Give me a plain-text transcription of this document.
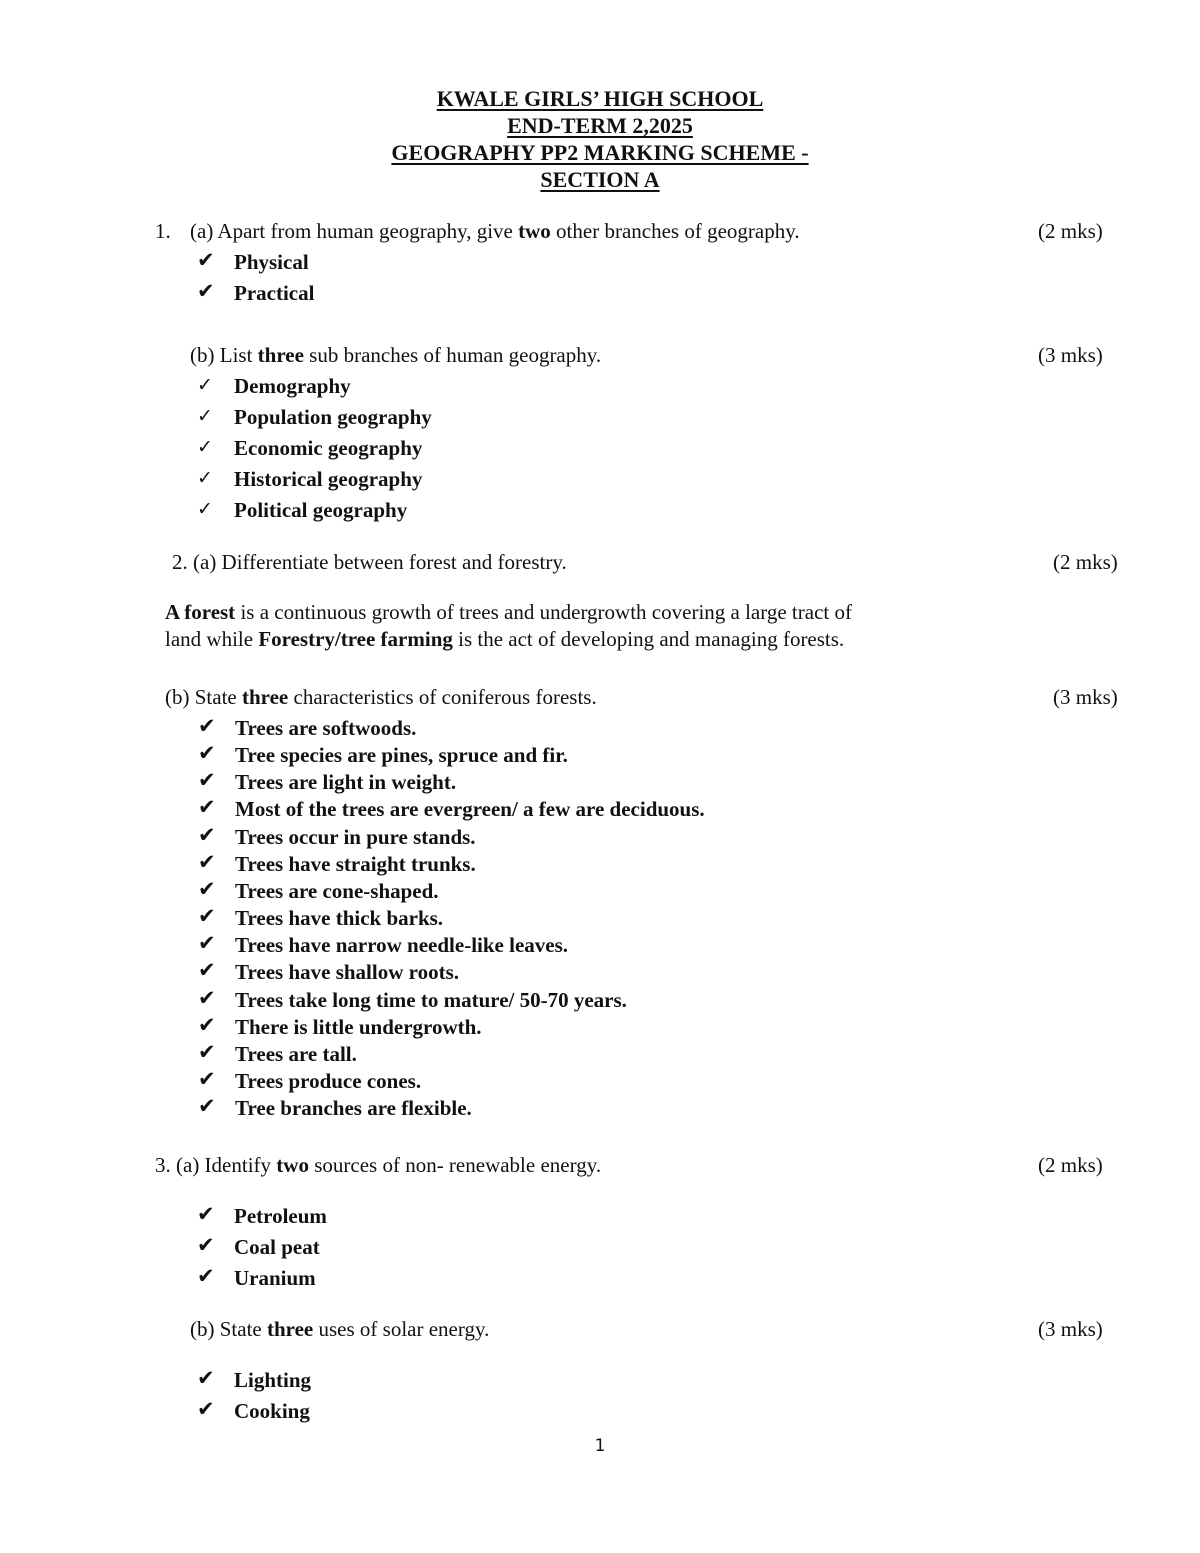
KWALE GIRLS’ HIGH SCHOOL
END-TERM 2,2025
GEOGRAPHY PP2 MARKING SCHEME -
SECTION A
1. (a) Apart from human geography, give two other branches of geography.	(2 mks)
✔ Physical
✔ Practical
(b) List three sub branches of human geography.	(3 mks)
✓ Demography
✓ Population geography
✓ Economic geography
✓ Historical geography
✓ Political geography
2. (a) Differentiate between forest and forestry.	(2 mks)
A forest is a continuous growth of trees and undergrowth covering a large tract of
land while Forestry/tree farming is the act of developing and managing forests.
(b) State three characteristics of coniferous forests.	(3 mks)
✔ Trees are softwoods.
✔ Tree species are pines, spruce and fir.
✔ Trees are light in weight.
✔ Most of the trees are evergreen/ a few are deciduous.
✔ Trees occur in pure stands.
✔ Trees have straight trunks.
✔ Trees are cone-shaped.
✔ Trees have thick barks.
✔ Trees have narrow needle-like leaves.
✔ Trees have shallow roots.
✔ Trees take long time to mature/ 50-70 years.
✔ There is little undergrowth.
✔ Trees are tall.
✔ Trees produce cones.
✔ Tree branches are flexible.
3. (a) Identify two sources of non- renewable energy.	(2 mks)
✔ Petroleum
✔ Coal peat
✔ Uranium
(b) State three uses of solar energy.	(3 mks)
✔ Lighting
✔ Cooking
1
